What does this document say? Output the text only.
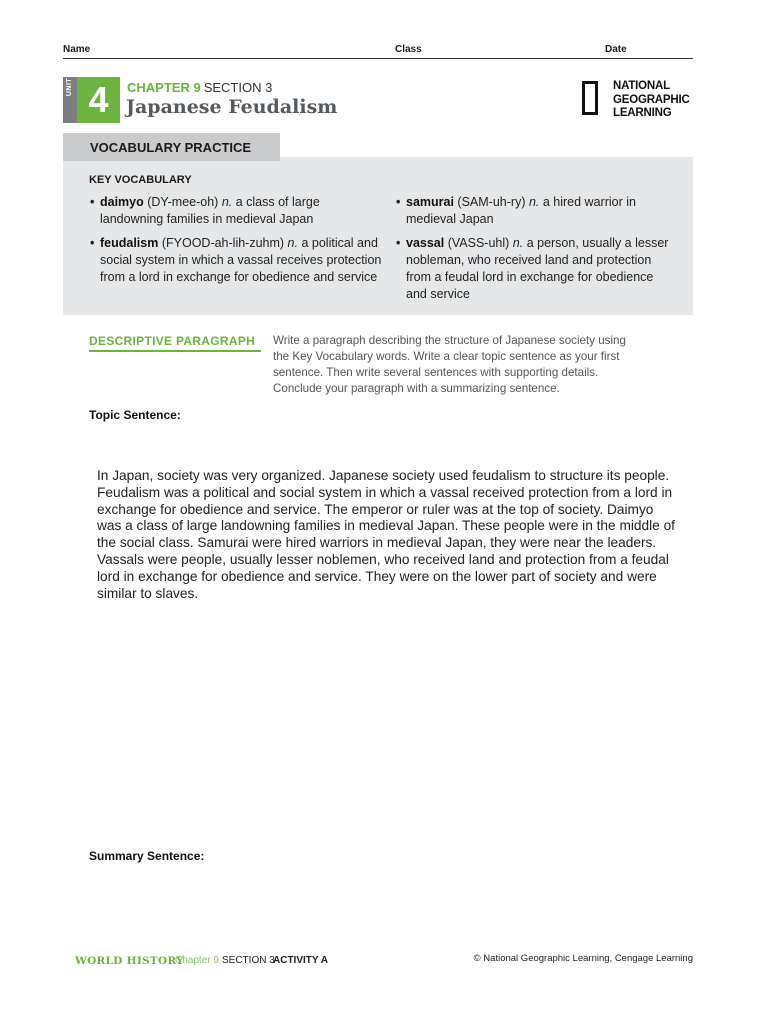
Name	Class	Date
UNIT 4	CHAPTER 9 SECTION 3
Japanese Feudalism
NATIONAL
GEOGRAPHIC
LEARNING
VOCABULARY PRACTICE
KEY VOCABULARY
• daimyo (DY-mee-oh) n. a class of large landowning families in medieval Japan
• feudalism (FYOOD-ah-lih-zuhm) n. a political and social system in which a vassal receives protection from a lord in exchange for obedience and service
• samurai (SAM-uh-ry) n. a hired warrior in medieval Japan
• vassal (VASS-uhl) n. a person, usually a lesser nobleman, who received land and protection from a feudal lord in exchange for obedience and service
DESCRIPTIVE PARAGRAPH Write a paragraph describing the structure of Japanese society using the Key Vocabulary words. Write a clear topic sentence as your first sentence. Then write several sentences with supporting details. Conclude your paragraph with a summarizing sentence.
Topic Sentence:
In Japan, society was very organized. Japanese society used feudalism to structure its people. Feudalism was a political and social system in which a vassal received protection from a lord in exchange for obedience and service. The emperor or ruler was at the top of society. Daimyo was a class of large landowning families in medieval Japan. These people were in the middle of the social class. Samurai were hired warriors in medieval Japan, they were near the leaders. Vassals were people, usually lesser noblemen, who received land and protection from a feudal lord in exchange for obedience and service. They were on the lower part of society and were similar to slaves.
Summary Sentence:
WORLD HISTORY
Chapter 9 SECTION 3
ACTIVITY A	© National Geographic Learning, Cengage Learning
